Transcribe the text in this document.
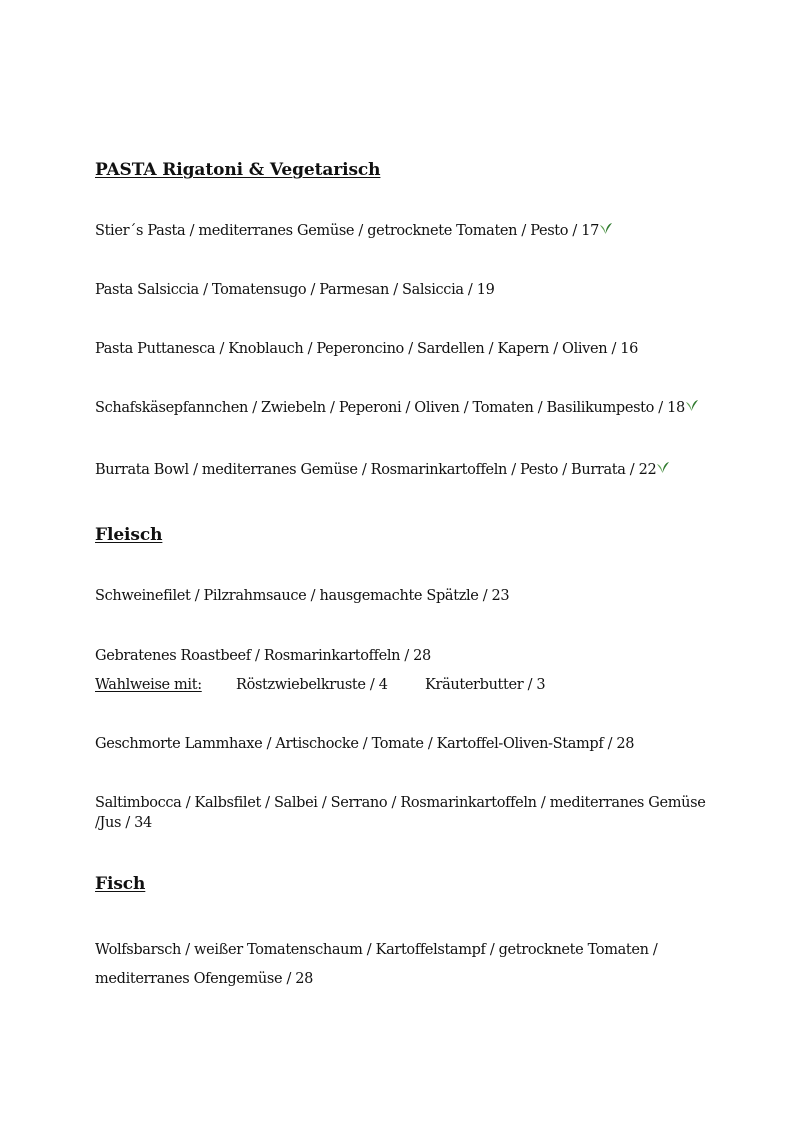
PASTA Rigatoni & Vegetarisch
Stier´s Pasta / mediterranes Gemüse / getrocknete Tomaten / Pesto / 17
Pasta Salsiccia / Tomatensugo / Parmesan / Salsiccia / 19
Pasta Puttanesca / Knoblauch / Peperoncino / Sardellen / Kapern / Oliven / 16
Schafskäsepfannchen / Zwiebeln / Peperoni / Oliven / Tomaten / Basilikumpesto / 18
Burrata Bowl / mediterranes Gemüse / Rosmarinkartoffeln / Pesto / Burrata / 22
Fleisch
Schweinefilet / Pilzrahmsauce / hausgemachte Spätzle / 23
Gebratenes Roastbeef / Rosmarinkartoffeln / 28
Wahlweise mit: Röstzwiebelkruste / 4	Kräuterbutter / 3
Geschmorte Lammhaxe / Artischocke / Tomate / Kartoffel-Oliven-Stampf / 28
Saltimbocca / Kalbsfilet / Salbei / Serrano / Rosmarinkartoffeln / mediterranes Gemüse
/Jus / 34
Fisch
Wolfsbarsch / weißer Tomatenschaum / Kartoffelstampf / getrocknete Tomaten /
mediterranes Ofengemüse / 28
